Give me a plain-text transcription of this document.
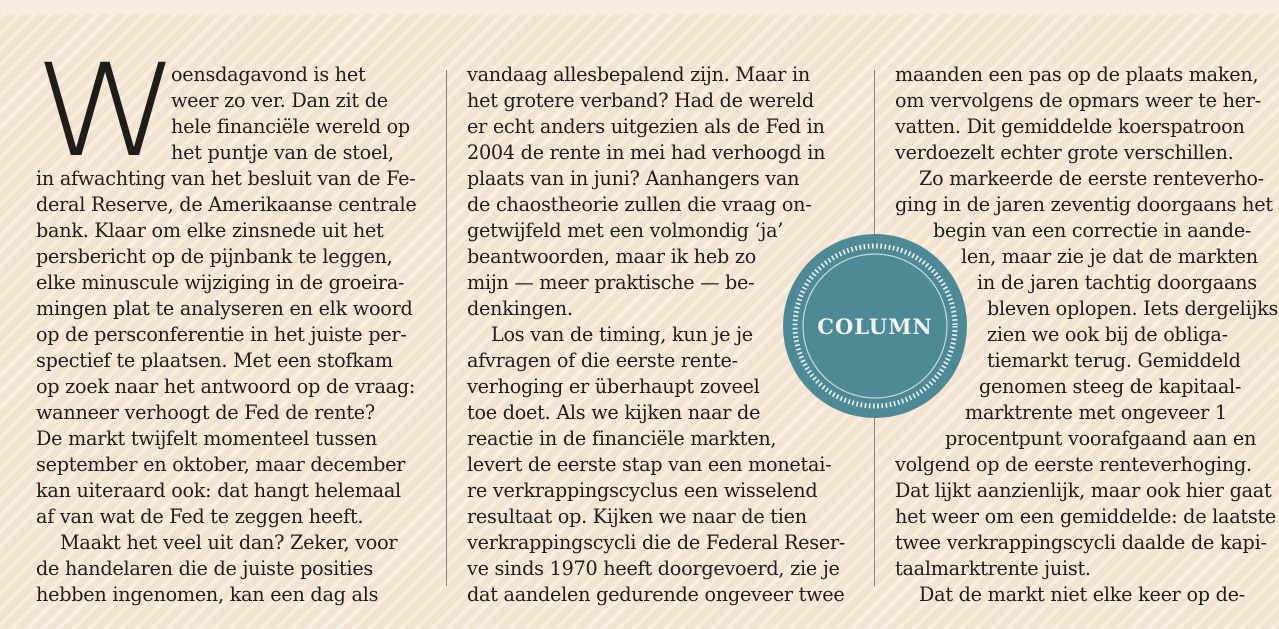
W oensdagavond is het
weer zo ver. Dan zit de
hele financiële wereld op
het puntje van de stoel,
in afwachting van het besluit van de Fe-
deral Reserve, de Amerikaanse centrale
bank. Klaar om elke zinsnede uit het
persbericht op de pijnbank te leggen,
elke minuscule wijziging in de groeira-
mingen plat te analyseren en elk woord
op de persconferentie in het juiste per-
spectief te plaatsen. Met een stofkam
op zoek naar het antwoord op de vraag:
wanneer verhoogt de Fed de rente?
De markt twijfelt momenteel tussen
september en oktober, maar december
kan uiteraard ook: dat hangt helemaal
af van wat de Fed te zeggen heeft.
Maakt het veel uit dan? Zeker, voor
de handelaren die de juiste posities
hebben ingenomen, kan een dag als
vandaag allesbepalend zijn. Maar in
het grotere verband? Had de wereld
er echt anders uitgezien als de Fed in
2004 de rente in mei had verhoogd in
plaats van in juni? Aanhangers van
de chaostheorie zullen die vraag on-
getwijfeld met een volmondig ‘ja’
beantwoorden, maar ik heb zo
mijn — meer praktische — be-
denkingen.
Los van de timing, kun je je
afvragen of die eerste rente-
verhoging er überhaupt zoveel
toe doet. Als we kijken naar de
reactie in de financiële markten,
levert de eerste stap van een monetai-
re verkrappingscyclus een wisselend
resultaat op. Kijken we naar de tien
verkrappingscycli die de Federal Reser-
ve sinds 1970 heeft doorgevoerd, zie je
dat aandelen gedurende ongeveer twee
maanden een pas op de plaats maken,
om vervolgens de opmars weer te her-
vatten. Dit gemiddelde koerspatroon
verdoezelt echter grote verschillen.
Zo markeerde de eerste renteverho-
ging in de jaren zeventig doorgaans het
begin van een correctie in aande-
len, maar zie je dat de markten
in de jaren tachtig doorgaans
bleven oplopen. Iets dergelijks
zien we ook bij de obliga-
tiemarkt terug. Gemiddeld
genomen steeg de kapitaal-
marktrente met ongeveer 1
procentpunt voorafgaand aan en
volgend op de eerste renteverhoging.
Dat lijkt aanzienlijk, maar ook hier gaat
het weer om een gemiddelde: de laatste
twee verkrappingscycli daalde de kapi-
taalmarktrente juist.
Dat de markt niet elke keer op de-
COLUMN
